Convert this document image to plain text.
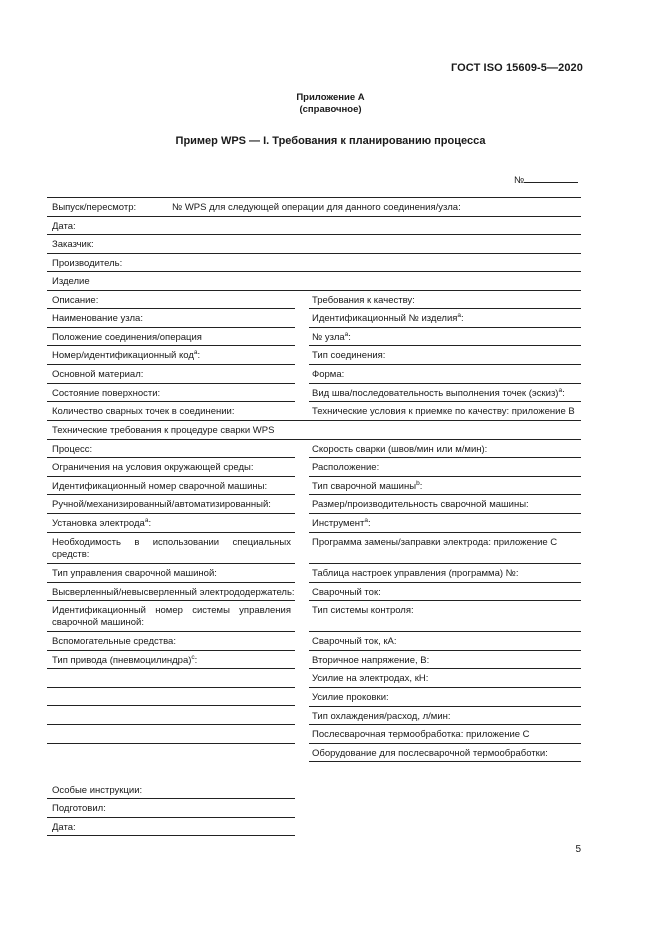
ГОСТ ISO 15609-5—2020
Приложение А
(справочное)
Пример WPS — I. Требования к планированию процесса
№
Выпуск/пересмотр:	№ WPS для следующей операции для данного соединения/узла:
Дата:
Заказчик:
Производитель:
Изделие
Описание:
Наименование узла:
Положение соединения/операция
Номер/идентификационный код$^а$:
Основной материал:
Состояние поверхности:
Количество сварных точек в соединении:
Требования к качеству:
Идентификационный № изделия$^а$:
№ узла$^а$:
Тип соединения:
Форма:
Вид шва/последовательность выполнения точек (эскиз)$^а$:
Технические условия к приемке по качеству: приложение В
Технические требования к процедуре сварки WPS
Процесс:
Ограничения на условия окружающей среды:
Идентификационный номер сварочной машины:
Ручной/механизированный/автоматизированный:
Установка электрода$^а$:
Необходимость в использовании специальных средств:
Тип управления сварочной машиной:
Высверленный/невысверленный электрододержатель:
Идентификационный номер системы управления сварочной машиной:
Вспомогательные средства:
Тип привода (пневмоцилиндра)$^с$:
Скорость сварки (швов/мин или м/мин):
Расположение:
Тип сварочной машины$^b$:
Размер/производительность сварочной машины:
Инструмент$^а$:
Программа замены/заправки электрода: приложение С
Таблица настроек управления (программа) №:
Сварочный ток:
Тип системы контроля:
Сварочный ток, кА:
Вторичное напряжение, В:
Усилие на электродах, кН:
Усилие проковки:
Тип охлаждения/расход, л/мин:
Послесварочная термообработка: приложение С
Оборудование для послесварочной термообработки:
Особые инструкции:
Подготовил:
Дата:
5
